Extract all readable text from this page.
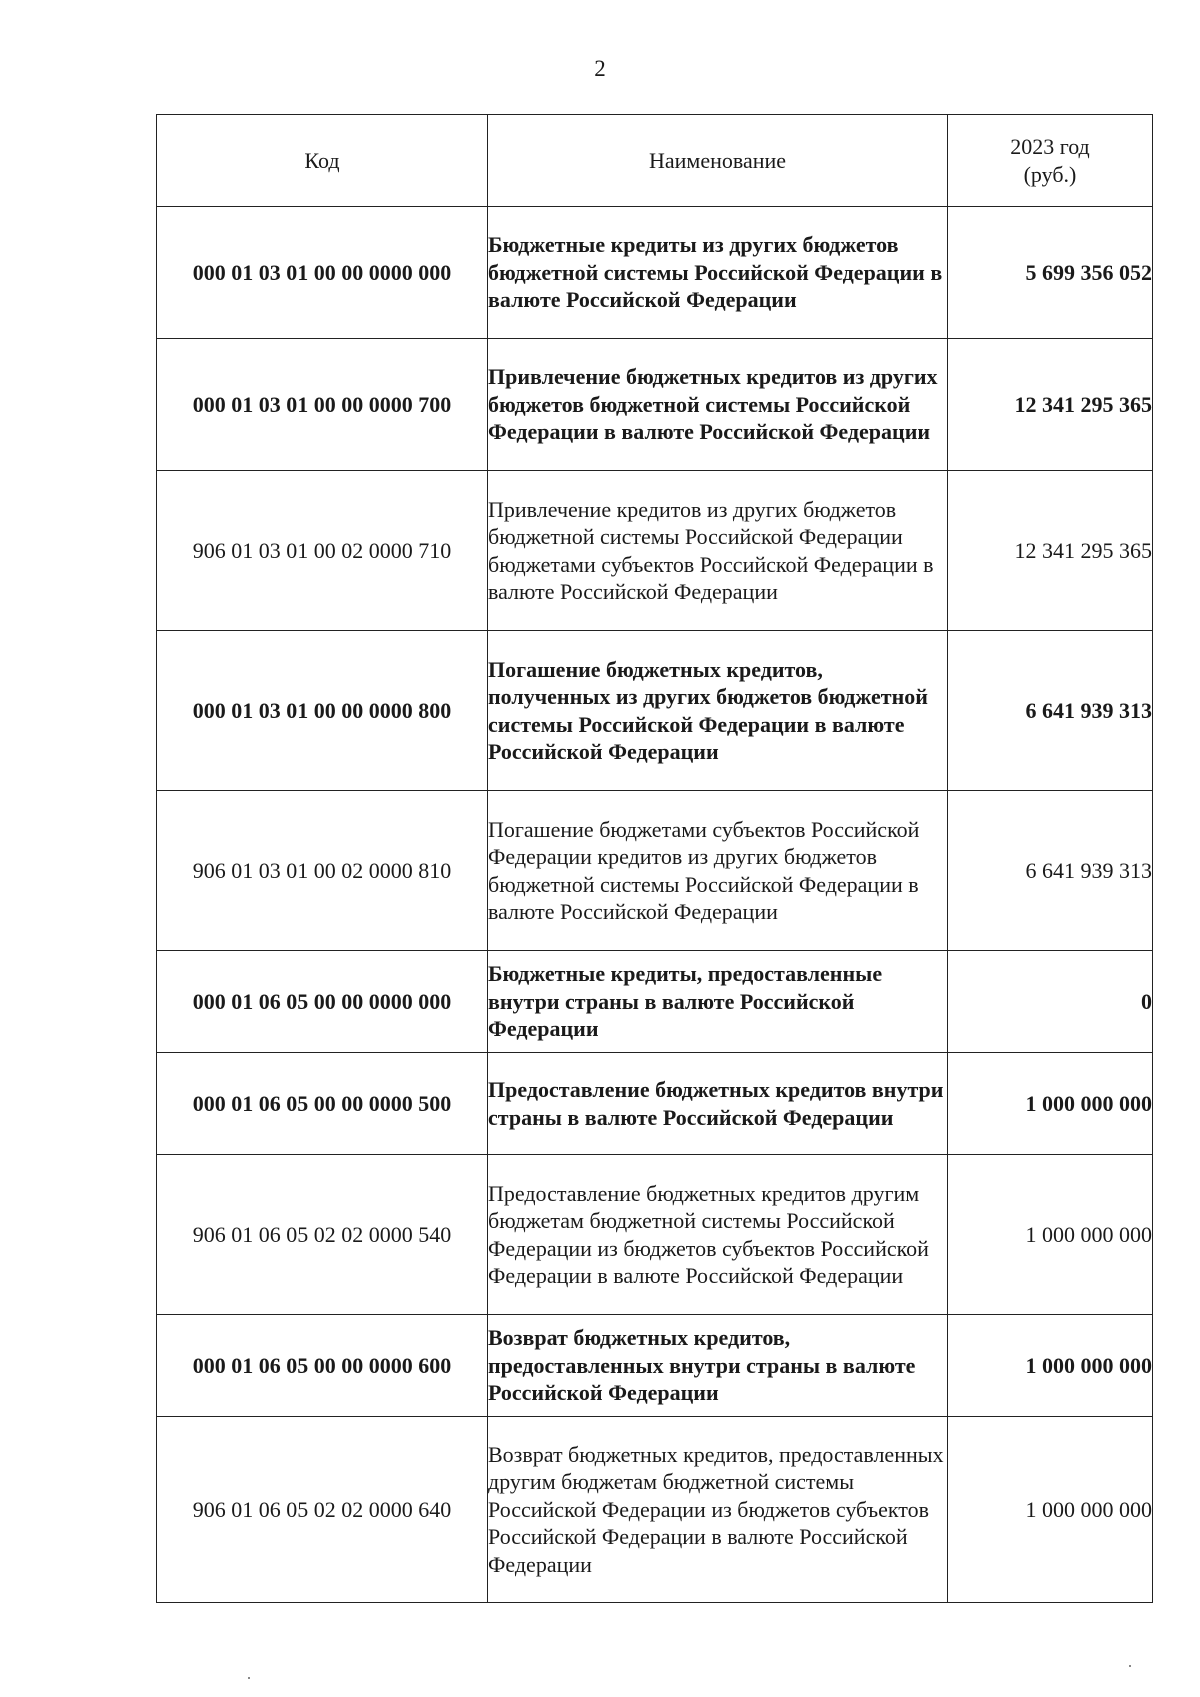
2
Код	Наименование	2023 год
(руб.)

000 01 03 01 00 00 0000 000	Бюджетные кредиты из других бюджетов бюджетной системы Российской Федерации в валюте Российской Федерации	5 699 356 052
000 01 03 01 00 00 0000 700	Привлечение бюджетных кредитов из других бюджетов бюджетной системы Российской Федерации в валюте Российской Федерации	12 341 295 365
906 01 03 01 00 02 0000 710	Привлечение кредитов из других бюджетов бюджетной системы Российской Федерации бюджетами субъектов Российской Федерации в валюте Российской Федерации	12 341 295 365
000 01 03 01 00 00 0000 800	Погашение бюджетных кредитов, полученных из других бюджетов бюджетной системы Российской Федерации в валюте Российской Федерации	6 641 939 313
906 01 03 01 00 02 0000 810	Погашение бюджетами субъектов Российской Федерации кредитов из других бюджетов бюджетной системы Российской Федерации в валюте Российской Федерации	6 641 939 313
000 01 06 05 00 00 0000 000	Бюджетные кредиты, предоставленные внутри страны в валюте Российской Федерации	0
000 01 06 05 00 00 0000 500	Предоставление бюджетных кредитов внутри страны в валюте Российской Федерации	1 000 000 000
906 01 06 05 02 02 0000 540	Предоставление бюджетных кредитов другим бюджетам бюджетной системы Российской Федерации из бюджетов субъектов Российской Федерации в валюте Российской Федерации	1 000 000 000
000 01 06 05 00 00 0000 600	Возврат бюджетных кредитов, предоставленных внутри страны в валюте Российской Федерации	1 000 000 000
906 01 06 05 02 02 0000 640	Возврат бюджетных кредитов, предоставленных другим бюджетам бюджетной системы Российской Федерации из бюджетов субъектов Российской Федерации в валюте Российской Федерации	1 000 000 000
